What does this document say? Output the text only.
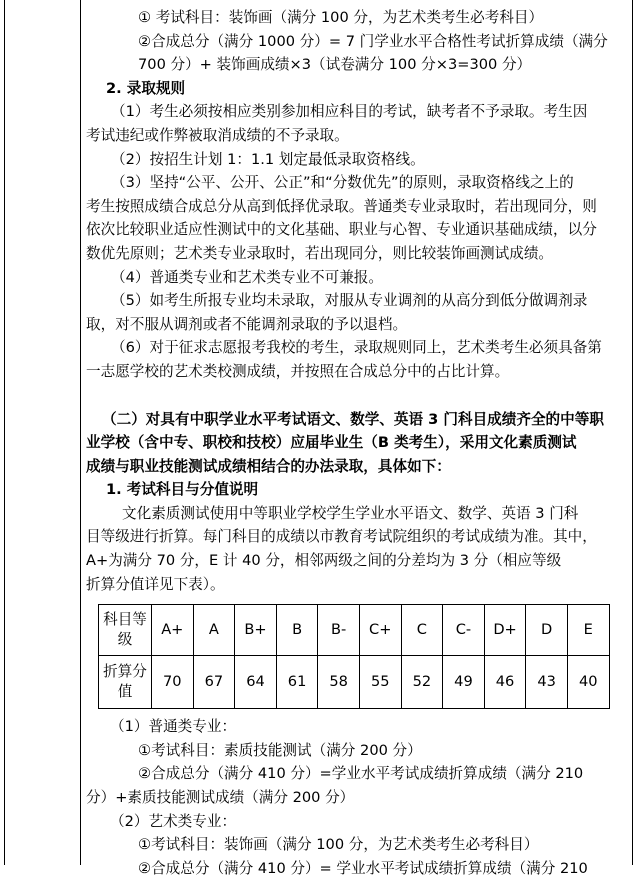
① 考试科目：装饰画（满分 100 分，为艺术类考生必考科目）

②合成总分（满分 1000 分）= 7 门学业水平合格性考试折算成绩（满分

700 分）+ 装饰画成绩×3（试卷满分 100 分×3=300 分）

2. 录取规则

（1）考生必须按相应类别参加相应科目的考试，缺考者不予录取。考生因

考试违纪或作弊被取消成绩的不予录取。

（2）按招生计划 1：1.1 划定最低录取资格线。

（3）坚持“公平、公开、公正”和“分数优先”的原则，录取资格线之上的

考生按照成绩合成总分从高到低择优录取。普通类专业录取时，若出现同分，则

依次比较职业适应性测试中的文化基础、职业与心智、专业通识基础成绩，以分

数优先原则；艺术类专业录取时，若出现同分，则比较装饰画测试成绩。

（4）普通类专业和艺术类专业不可兼报。

（5）如考生所报专业均未录取，对服从专业调剂的从高分到低分做调剂录

取，对不服从调剂或者不能调剂录取的予以退档。

（6）对于征求志愿报考我校的考生，录取规则同上，艺术类考生必须具备第

一志愿学校的艺术类校测成绩，并按照在合成总分中的占比计算。

（二）对具有中职学业水平考试语文、数学、英语 3 门科目成绩齐全的中等职

业学校（含中专、职校和技校）应届毕业生（B 类考生），采用文化素质测试

成绩与职业技能测试成绩相结合的办法录取，具体如下：

1. 考试科目与分值说明

文化素质测试使用中等职业学校学生学业水平语文、数学、英语 3 门科

目等级进行折算。每门科目的成绩以市教育考试院组织的考试成绩为准。其中，

A+为满分 70 分，E 计 40 分，相邻两级之间的分差均为 3 分（相应等级

折算分值详见下表）。

科目等级	A+	A	B+	B	B-	C+	C	C-	D+	D	E
折算分值	70	67	64	61	58	55	52	49	46	43	40

（1）普通类专业：

①考试科目：素质技能测试（满分 200 分）

②合成总分（满分 410 分）=学业水平考试成绩折算成绩（满分 210

分）+素质技能测试成绩（满分 200 分）

（2）艺术类专业：

①考试科目：装饰画（满分 100 分，为艺术类考生必考科目）

②合成总分（满分 410 分）= 学业水平考试成绩折算成绩（满分 210
